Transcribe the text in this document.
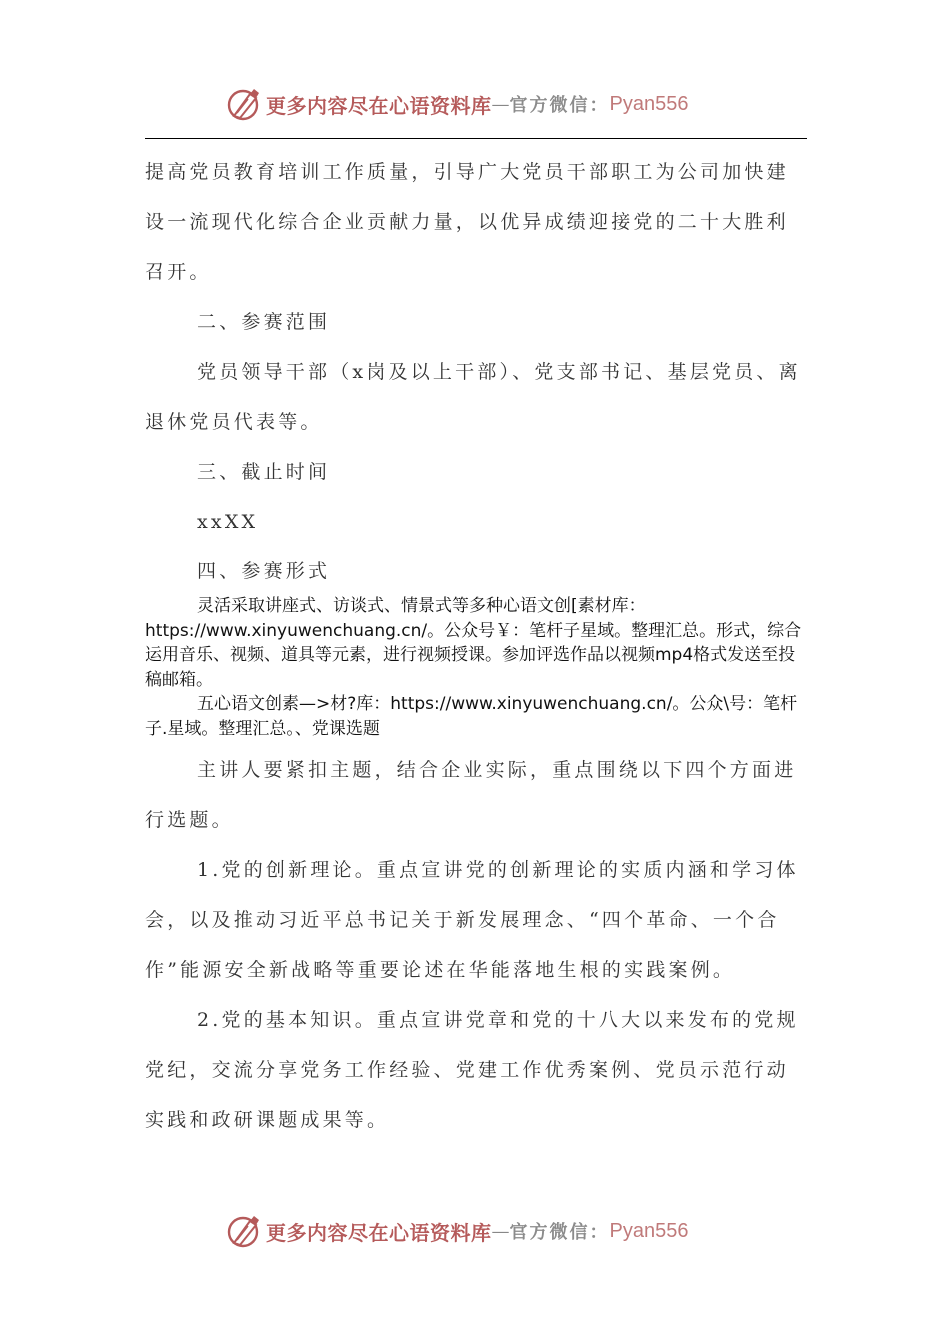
更多内容尽在心语资料库 — 官方微信： Pyan556

提高党员教育培训工作质量，引导广大党员干部职工为公司加快建设一流现代化综合企业贡献力量，以优异成绩迎接党的二十大胜利召开。

二、参赛范围

党员领导干部（x岗及以上干部）、党支部书记、基层党员、离退休党员代表等。

三、截止时间

xxXX

四、参赛形式

灵活采取讲座式、访谈式、情景式等多种心语文创[素材库：https://www.xinyuwenchuang.cn/。公众号￥：笔杆子星域。整理汇总。形式，综合运用音乐、视频、道具等元素，进行视频授课。参加评选作品以视频mp4格式发送至投稿邮箱。

五心语文创素—>材?库：https://www.xinyuwenchuang.cn/。公众\号：笔杆子.星域。整理汇总。、党课选题

主讲人要紧扣主题，结合企业实际，重点围绕以下四个方面进行选题。

1.党的创新理论。重点宣讲党的创新理论的实质内涵和学习体会，以及推动习近平总书记关于新发展理念、“四个革命、一个合作”能源安全新战略等重要论述在华能落地生根的实践案例。

2.党的基本知识。重点宣讲党章和党的十八大以来发布的党规党纪，交流分享党务工作经验、党建工作优秀案例、党员示范行动实践和政研课题成果等。

更多内容尽在心语资料库 — 官方微信： Pyan556
